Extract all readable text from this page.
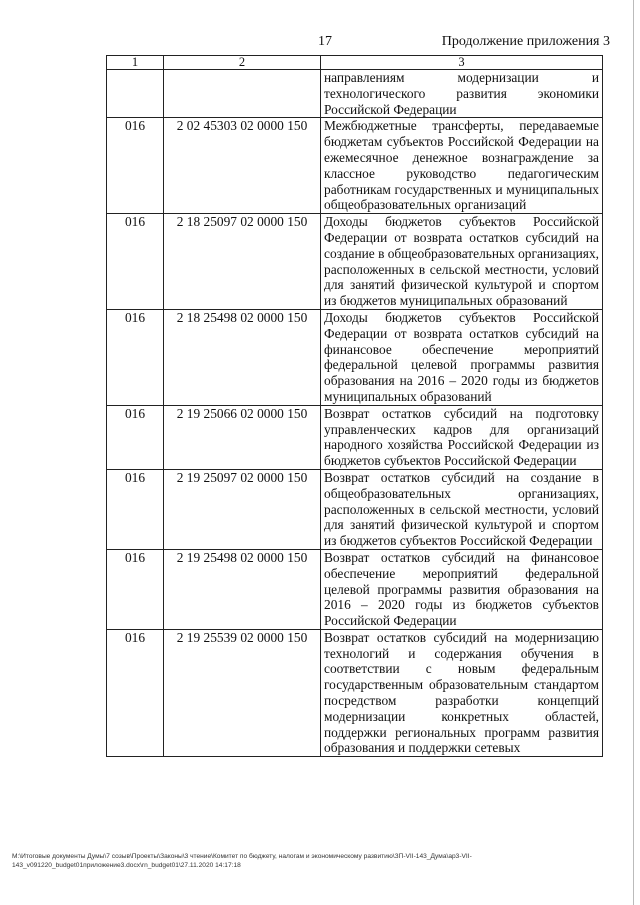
17	Продолжение приложения 3
1	2	3
		направлениям модернизации и технологического развития экономики Российской Федерации
016	2 02 45303 02 0000 150	Межбюджетные трансферты, передаваемые бюджетам субъектов Российской Федерации на ежемесячное денежное вознаграждение за классное руководство педагогическим работникам государственных и муниципальных общеобразовательных организаций
016	2 18 25097 02 0000 150	Доходы бюджетов субъектов Российской Федерации от возврата остатков субсидий на создание в общеобразовательных организациях, расположенных в сельской местности, условий для занятий физической культурой и спортом из бюджетов муниципальных образований
016	2 18 25498 02 0000 150	Доходы бюджетов субъектов Российской Федерации от возврата остатков субсидий на финансовое обеспечение мероприятий федеральной целевой программы развития образования на 2016 – 2020 годы из бюджетов муниципальных образований
016	2 19 25066 02 0000 150	Возврат остатков субсидий на подготовку управленческих кадров для организаций народного хозяйства Российской Федерации из бюджетов субъектов Российской Федерации
016	2 19 25097 02 0000 150	Возврат остатков субсидий на создание в общеобразовательных организациях, расположенных в сельской местности, условий для занятий физической культурой и спортом из бюджетов субъектов Российской Федерации
016	2 19 25498 02 0000 150	Возврат остатков субсидий на финансовое обеспечение мероприятий федеральной целевой программы развития образования на 2016 – 2020 годы из бюджетов субъектов Российской Федерации
016	2 19 25539 02 0000 150	Возврат остатков субсидий на модернизацию технологий и содержания обучения в соответствии с новым федеральным государственным образовательным стандартом посредством разработки концепций модернизации конкретных областей, поддержки региональных программ развития образования и поддержки сетевых
М:\Итоговые документы Думы\7 созыв\Проекты\Законы\3 чтение\Комитет по бюджету, налогам и экономическому развитию\ЗП-VII-143_Дума\ар3-VII-143_v091220_budget01приложение3.docx\rn_budget01\27.11.2020 14:17:18
